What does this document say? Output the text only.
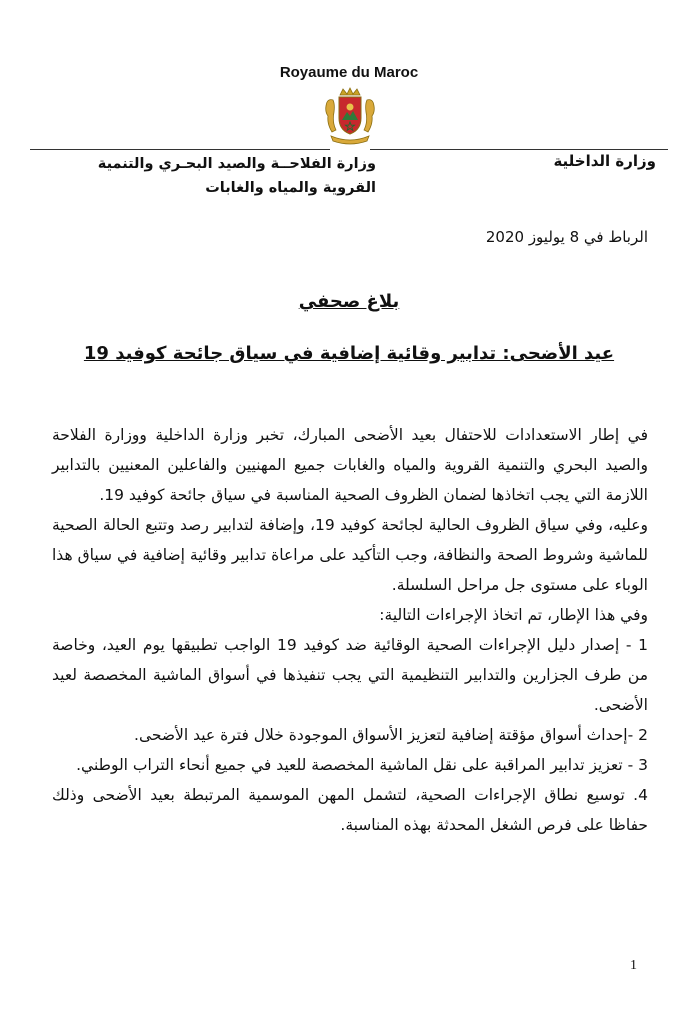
Royaume du Maroc
وزارة الداخلية
وزارة الفلاحــة والصيد البحـري والتنمية
القروية والمياه والغابات
الرباط في 8 يوليوز 2020
بلاغ صحفي
عيد الأضحى: تدابير وقائية إضافية في سياق جائحة كوفيد 19

في إطار الاستعدادات للاحتفال بعيد الأضحى المبارك، تخبر وزارة الداخلية ووزارة الفلاحة والصيد البحري والتنمية القروية والمياه والغابات جميع المهنيين والفاعلين المعنيين بالتدابير اللازمة التي يجب اتخاذها لضمان الظروف الصحية المناسبة في سياق جائحة كوفيد 19.

وعليه، وفي سياق الظروف الحالية لجائحة كوفيد 19، وإضافة لتدابير رصد وتتبع الحالة الصحية للماشية وشروط الصحة والنظافة، وجب التأكيد على مراعاة تدابير وقائية إضافية في سياق هذا الوباء على مستوى جل مراحل السلسلة.

وفي هذا الإطار، تم اتخاذ الإجراءات التالية:

1 - إصدار دليل الإجراءات الصحية الوقائية ضد كوفيد 19 الواجب تطبيقها يوم العيد، وخاصة من طرف الجزارين والتدابير التنظيمية التي يجب تنفيذها في أسواق الماشية المخصصة لعيد الأضحى.

2 -إحداث أسواق مؤقتة إضافية لتعزيز الأسواق الموجودة خلال فترة عيد الأضحى.

3 - تعزيز تدابير المراقبة على نقل الماشية المخصصة للعيد في جميع أنحاء التراب الوطني.

4. توسيع نطاق الإجراءات الصحية، لتشمل المهن الموسمية المرتبطة بعيد الأضحى وذلك حفاظا على فرص الشغل المحدثة بهذه المناسبة.

1
